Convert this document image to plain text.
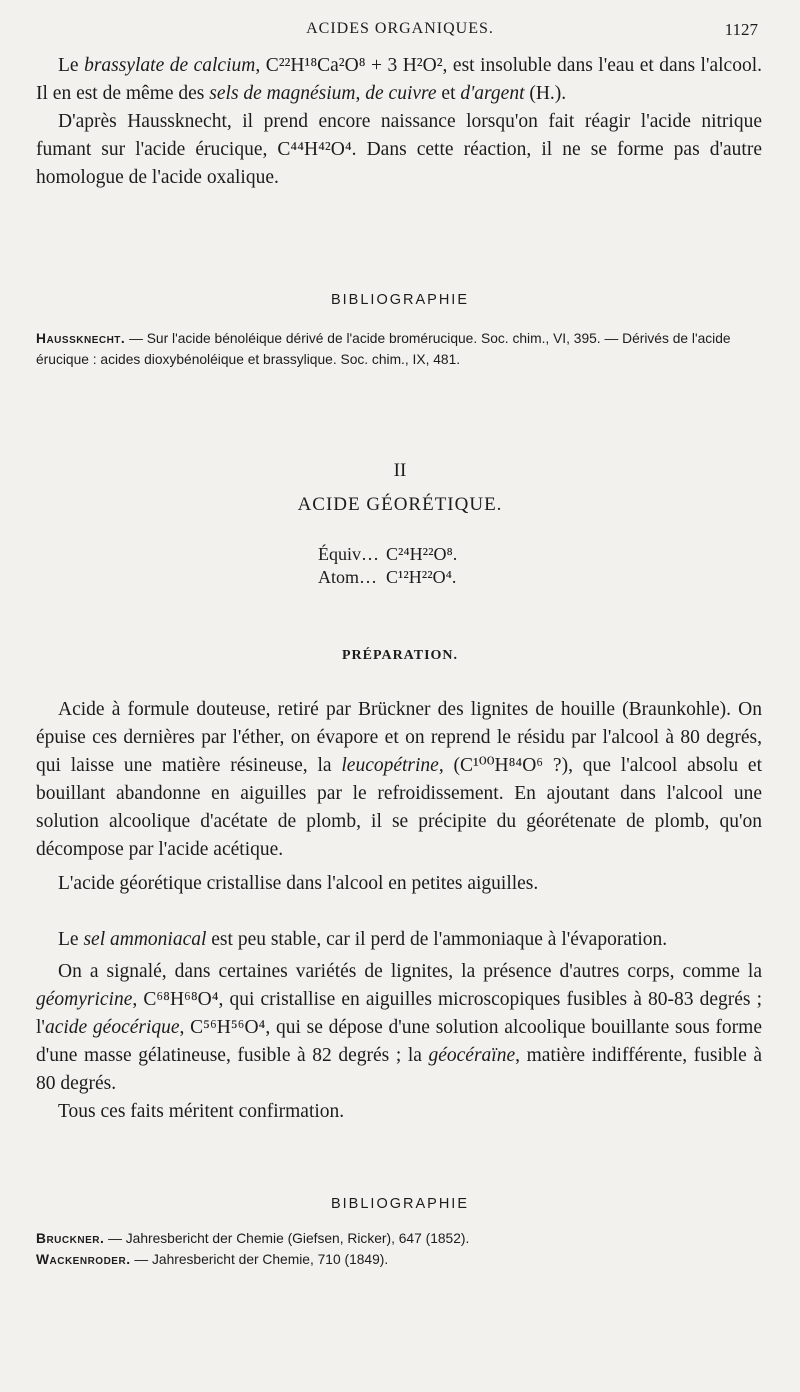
ACIDES ORGANIQUES.	1127

Le brassylate de calcium, C²²H¹⁸Ca²O⁸ + 3 H²O², est insoluble dans l'eau et dans l'alcool. Il en est de même des sels de magnésium, de cuivre et d'argent (H.).

D'après Haussknecht, il prend encore naissance lorsqu'on fait réagir l'acide nitrique fumant sur l'acide érucique, C⁴⁴H⁴²O⁴. Dans cette réaction, il ne se forme pas d'autre homologue de l'acide oxalique.

BIBLIOGRAPHIE
Haussknecht. — Sur l'acide bénoléique dérivé de l'acide bromérucique. Soc. chim., VI, 395. — Dérivés de l'acide érucique : acides dioxybénoléique et brassylique. Soc. chim., IX, 481.
II
ACIDE GÉORÉTIQUE.
Équiv… C²⁴H²²O⁸.
Atom… C¹²H²²O⁴.
PRÉPARATION.

Acide à formule douteuse, retiré par Brückner des lignites de houille (Braunkohle). On épuise ces dernières par l'éther, on évapore et on reprend le résidu par l'alcool à 80 degrés, qui laisse une matière résineuse, la leucopétrine, (C¹⁰⁰H⁸⁴O⁶ ?), que l'alcool absolu et bouillant abandonne en aiguilles par le refroidissement. En ajoutant dans l'alcool une solution alcoolique d'acétate de plomb, il se précipite du géorétenate de plomb, qu'on décompose par l'acide acétique.

L'acide géorétique cristallise dans l'alcool en petites aiguilles.

Le sel ammoniacal est peu stable, car il perd de l'ammoniaque à l'évaporation.

On a signalé, dans certaines variétés de lignites, la présence d'autres corps, comme la géomyricine, C⁶⁸H⁶⁸O⁴, qui cristallise en aiguilles microscopiques fusibles à 80-83 degrés ; l'acide géocérique, C⁵⁶H⁵⁶O⁴, qui se dépose d'une solution alcoolique bouillante sous forme d'une masse gélatineuse, fusible à 82 degrés ; la géocéraïne, matière indifférente, fusible à 80 degrés.

Tous ces faits méritent confirmation.

BIBLIOGRAPHIE
Bruckner. — Jahresbericht der Chemie (Giefsen, Ricker), 647 (1852).
Wackenroder. — Jahresbericht der Chemie, 710 (1849).
